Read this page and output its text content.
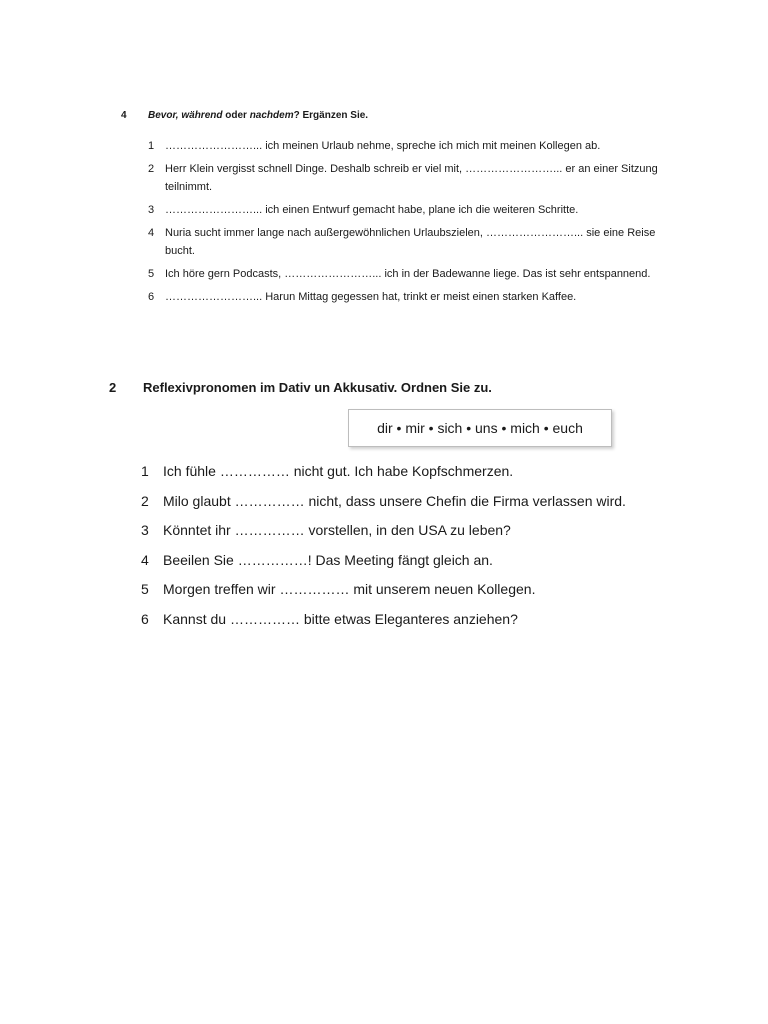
4 Bevor, während oder nachdem? Ergänzen Sie.
1 ……………………... ich meinen Urlaub nehme, spreche ich mich mit meinen Kollegen ab.
2 Herr Klein vergisst schnell Dinge. Deshalb schreib er viel mit, ……………………... er an einer Sitzung teilnimmt.
3 ……………………... ich einen Entwurf gemacht habe, plane ich die weiteren Schritte.
4 Nuria sucht immer lange nach außergewöhnlichen Urlaubszielen, ……………………... sie eine Reise bucht.
5 Ich höre gern Podcasts, ……………………... ich in der Badewanne liege. Das ist sehr entspannend.
6 ……………………... Harun Mittag gegessen hat, trinkt er meist einen starken Kaffee.
2 Reflexivpronomen im Dativ un Akkusativ. Ordnen Sie zu.
dir • mir • sich • uns • mich • euch
1 Ich fühle …………… nicht gut. Ich habe Kopfschmerzen.
2 Milo glaubt …………… nicht, dass unsere Chefin die Firma verlassen wird.
3 Könntet ihr …………… vorstellen, in den USA zu leben?
4 Beeilen Sie ……………! Das Meeting fängt gleich an.
5 Morgen treffen wir …………… mit unserem neuen Kollegen.
6 Kannst du …………… bitte etwas Eleganteres anziehen?
